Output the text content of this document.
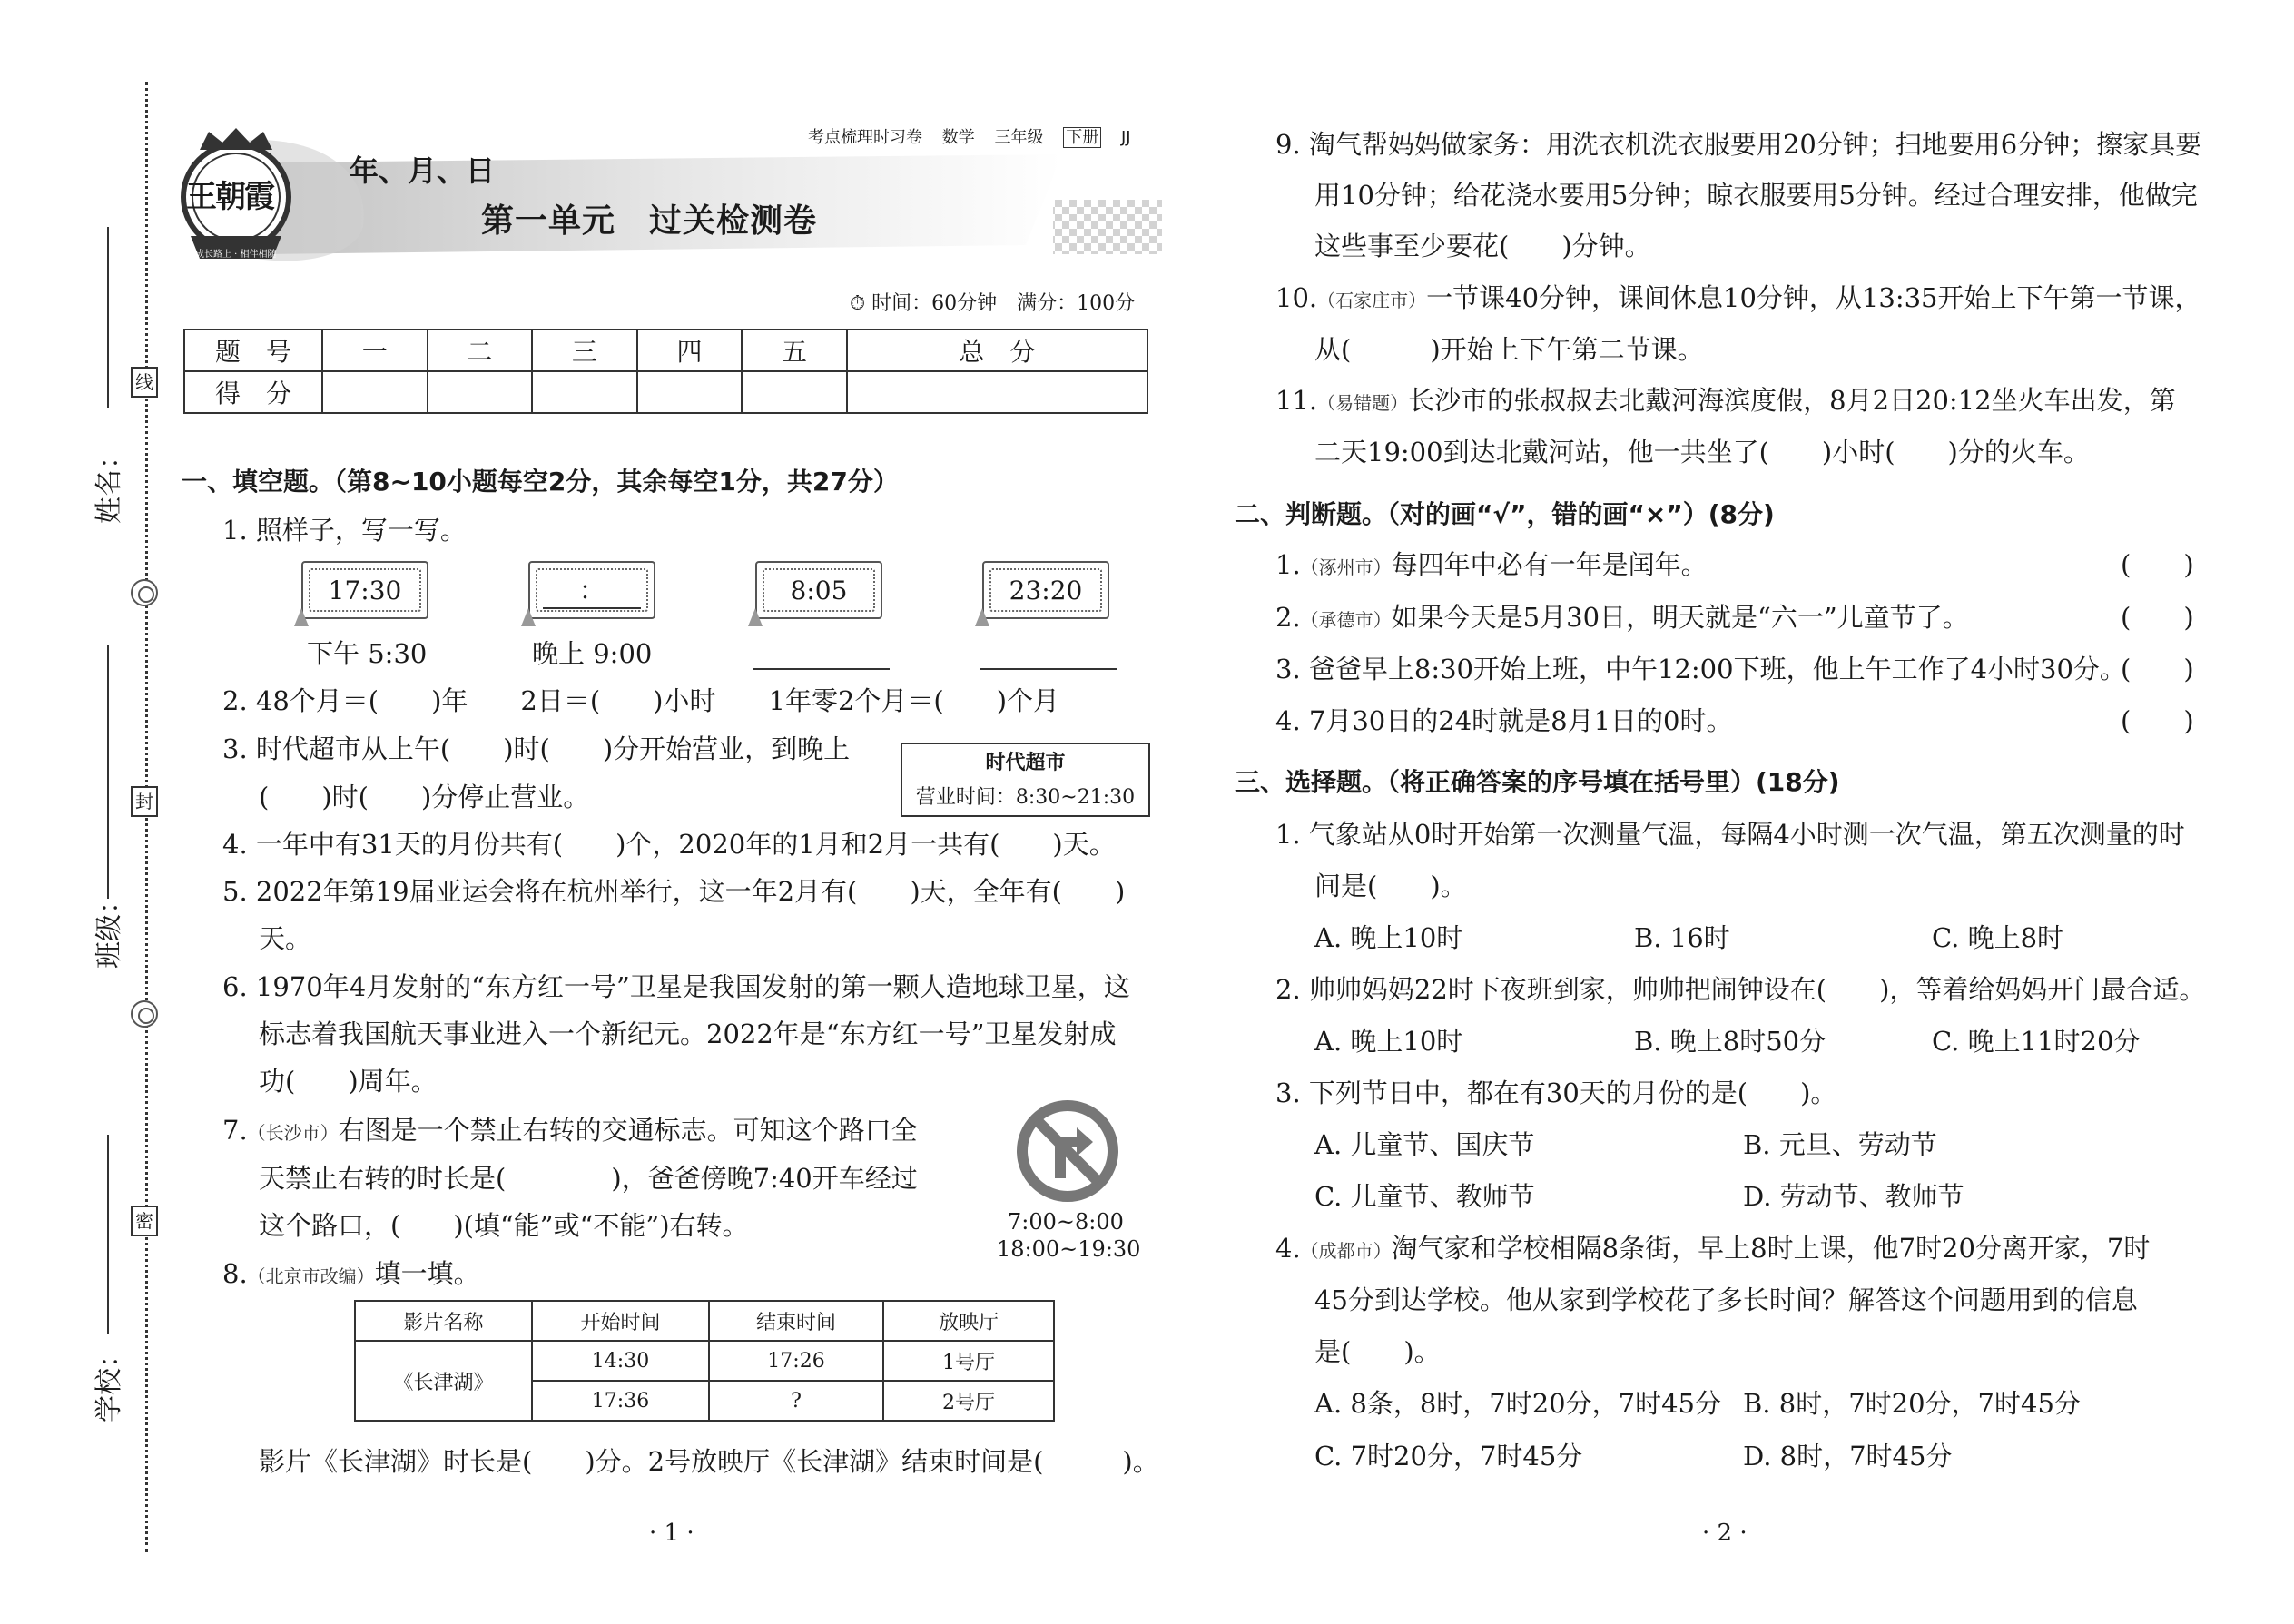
姓名：
班级：
学校：
线
封
密
王朝霞
成长路上 · 相伴相随
考点梳理时习卷 数学 三年级 下册 JJ
年、月、日
第一单元　过关检测卷
⏱ 时间：60分钟　满分：100分
题　号	一	二	三	四	五	总　分
得　分						
一、填空题。（第8~10小题每空2分，其余每空1分，共27分）
1. 照样子，写一写。
17:30	：	8:05	23:20
下午 5:30	晚上 9:00
2. 48个月＝(　　)年　　2日＝(　　)小时　　1年零2个月＝(　　)个月
3. 时代超市从上午(　　)时(　　)分开始营业，到晚上
(　　)时(　　)分停止营业。
时代超市
营业时间：8:30~21:30
4. 一年中有31天的月份共有(　　)个，2020年的1月和2月一共有(　　)天。
5. 2022年第19届亚运会将在杭州举行，这一年2月有(　　)天，全年有(　　)
天。
6. 1970年4月发射的“东方红一号”卫星是我国发射的第一颗人造地球卫星，这
标志着我国航天事业进入一个新纪元。2022年是“东方红一号”卫星发射成
功(　　)周年。
7.（长沙市）右图是一个禁止右转的交通标志。可知这个路口全
天禁止右转的时长是(　　　　)，爸爸傍晚7:40开车经过
这个路口，(　　)(填“能”或“不能”)右转。	7:00~8:00
18:00~19:30
8.（北京市改编）填一填。
影片名称	开始时间	结束时间	放映厅
《长津湖》	14:30	17:26	1号厅
	17:36	?	2号厅
影片《长津湖》时长是(　　)分。2号放映厅《长津湖》结束时间是(　　　)。
· 1 ·
9. 淘气帮妈妈做家务：用洗衣机洗衣服要用20分钟；扫地要用6分钟；擦家具要
用10分钟；给花浇水要用5分钟；晾衣服要用5分钟。经过合理安排，他做完
这些事至少要花(　　)分钟。
10.（石家庄市）一节课40分钟，课间休息10分钟，从13:35开始上下午第一节课，
从(　　　)开始上下午第二节课。
11.（易错题）长沙市的张叔叔去北戴河海滨度假，8月2日20:12坐火车出发，第
二天19:00到达北戴河站，他一共坐了(　　)小时(　　)分的火车。
二、判断题。（对的画“√”，错的画“×”）(8分)
1.（涿州市）每四年中必有一年是闰年。	(　　)
2.（承德市）如果今天是5月30日，明天就是“六一”儿童节了。	(　　)
3. 爸爸早上8:30开始上班，中午12:00下班，他上午工作了4小时30分。
(　　)
4. 7月30日的24时就是8月1日的0时。	(　　)
三、选择题。（将正确答案的序号填在括号里）(18分)
1. 气象站从0时开始第一次测量气温，每隔4小时测一次气温，第五次测量的时
间是(　　)。
A. 晚上10时	B. 16时	C. 晚上8时
2. 帅帅妈妈22时下夜班到家，帅帅把闹钟设在(　　)，等着给妈妈开门最合适。
A. 晚上10时	B. 晚上8时50分	C. 晚上11时20分
3. 下列节日中，都在有30天的月份的是(　　)。
A. 儿童节、国庆节	B. 元旦、劳动节
C. 儿童节、教师节	D. 劳动节、教师节
4.（成都市）淘气家和学校相隔8条街，早上8时上课，他7时20分离开家，7时
45分到达学校。他从家到学校花了多长时间？解答这个问题用到的信息
是(　　)。
A. 8条，8时，7时20分，7时45分 B. 8时，7时20分，7时45分
C. 7时20分，7时45分	D. 8时，7时45分
· 2 ·
